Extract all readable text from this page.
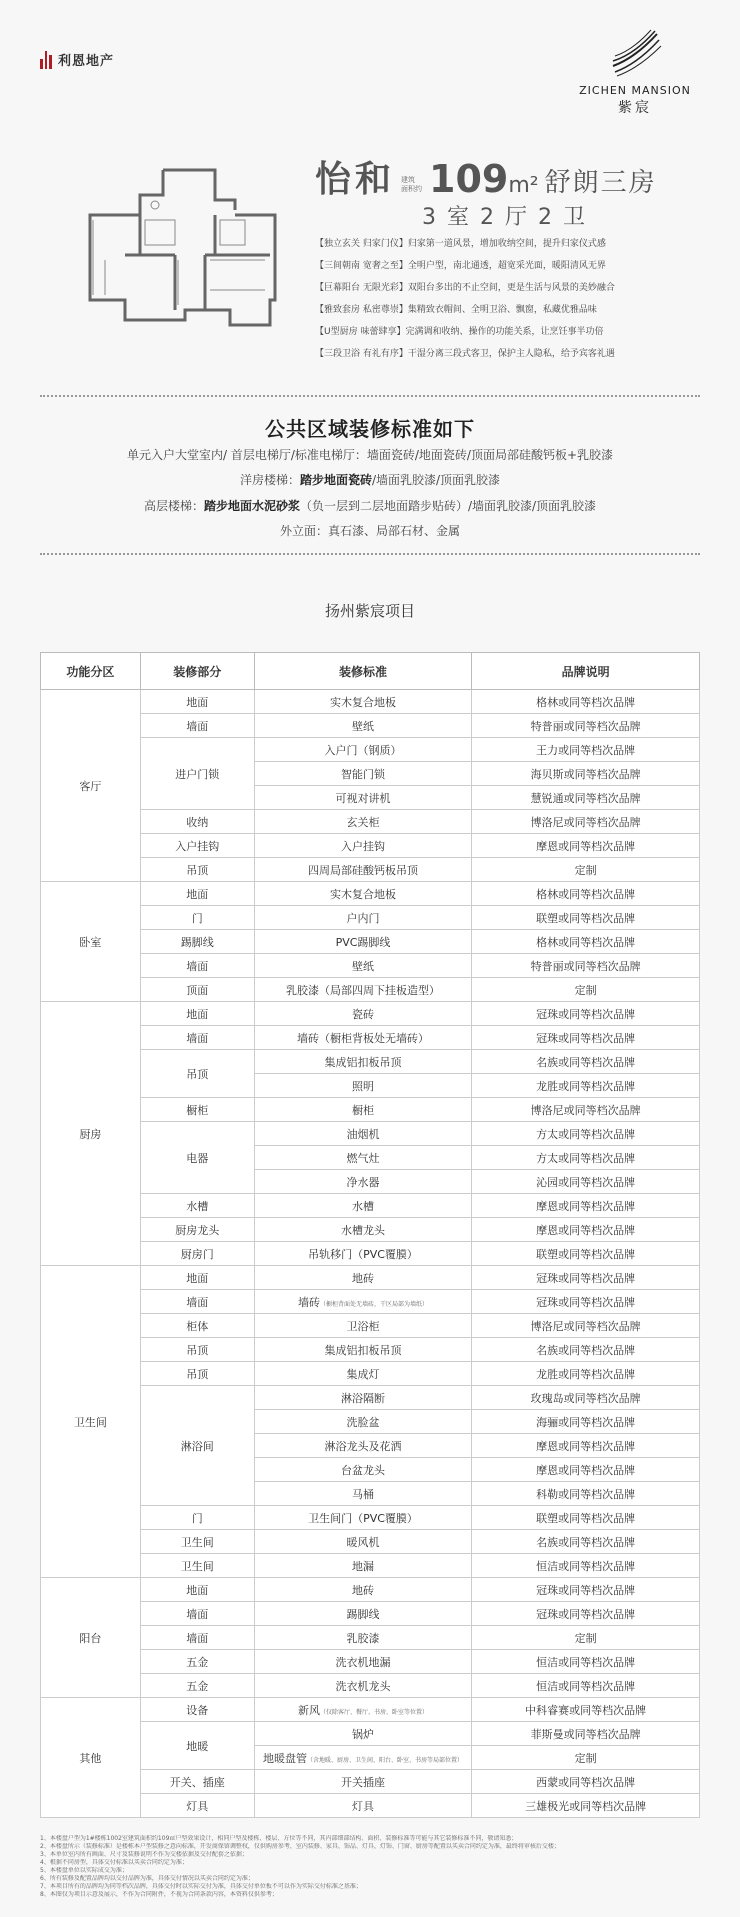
利恩地产
ZICHEN MANSION
紫宸
怡和 建筑
面积约 109 m² 舒朗三房
3室2厅2卫
【独立玄关 归家门仪】归家第一道风景，增加收纳空间，提升归家仪式感
【三间朝南 宽奢之至】全明户型，南北通透，超宽采光面，暖阳清风无界
【巨幕阳台 无限光彩】双阳台多出的不止空间，更是生活与风景的美妙融合
【雅致套房 私密尊崇】集精致衣帽间、全明卫浴、飘窗，私藏优雅品味
【U型厨房 味蕾肆享】完满调和收纳、操作的功能关系，让烹饪事半功倍
【三段卫浴 有礼有序】干湿分离三段式客卫，保护主人隐私，给予宾客礼遇
公共区域装修标准如下
单元入户大堂室内/ 首层电梯厅/标准电梯厅：墙面瓷砖/地面瓷砖/顶面局部硅酸钙板+乳胶漆
洋房楼梯：踏步地面瓷砖/墙面乳胶漆/顶面乳胶漆
高层楼梯：踏步地面水泥砂浆（负一层到二层地面踏步贴砖）/墙面乳胶漆/顶面乳胶漆
外立面：真石漆、局部石材、金属
扬州紫宸项目
功能分区	装修部分	装修标准	品牌说明
客厅	地面	实木复合地板	格林或同等档次品牌
	墙面	壁纸	特普丽或同等档次品牌
	进户门锁	入户门（钢质）	王力或同等档次品牌
		智能门锁	海贝斯或同等档次品牌
		可视对讲机	慧锐通或同等档次品牌
	收纳	玄关柜	博洛尼或同等档次品牌
	入户挂钩	入户挂钩	摩恩或同等档次品牌
	吊顶	四周局部硅酸钙板吊顶	定制
卧室	地面	实木复合地板	格林或同等档次品牌
	门	户内门	联塑或同等档次品牌
	踢脚线	PVC踢脚线	格林或同等档次品牌
	墙面	壁纸	特普丽或同等档次品牌
	顶面	乳胶漆（局部四周下挂板造型）	定制
厨房	地面	瓷砖	冠珠或同等档次品牌
	墙面	墙砖（橱柜背板处无墙砖）	冠珠或同等档次品牌
	吊顶	集成铝扣板吊顶	名族或同等档次品牌
		照明	龙胜或同等档次品牌
	橱柜	橱柜	博洛尼或同等档次品牌
	电器	油烟机	方太或同等档次品牌
		燃气灶	方太或同等档次品牌
		净水器	沁园或同等档次品牌
	水槽	水槽	摩恩或同等档次品牌
	厨房龙头	水槽龙头	摩恩或同等档次品牌
	厨房门	吊轨移门（PVC覆膜）	联塑或同等档次品牌
卫生间	地面	地砖	冠珠或同等档次品牌
	墙面	墙砖（橱柜背面处无墙砖，干区局部为墙纸）	冠珠或同等档次品牌
	柜体	卫浴柜	博洛尼或同等档次品牌
	吊顶	集成铝扣板吊顶	名族或同等档次品牌
	吊顶	集成灯	龙胜或同等档次品牌
	淋浴间	淋浴隔断	玫瑰岛或同等档次品牌
		洗脸盆	海骊或同等档次品牌
		淋浴龙头及花洒	摩恩或同等档次品牌
		台盆龙头	摩恩或同等档次品牌
		马桶	科勒或同等档次品牌
	门	卫生间门（PVC覆膜）	联塑或同等档次品牌
	卫生间	暖风机	名族或同等档次品牌
	卫生间	地漏	恒洁或同等档次品牌
阳台	地面	地砖	冠珠或同等档次品牌
	墙面	踢脚线	冠珠或同等档次品牌
	墙面	乳胶漆	定制
	五金	洗衣机地漏	恒洁或同等档次品牌
	五金	洗衣机龙头	恒洁或同等档次品牌
其他	设备	新风（仅除客厅、餐厅、书房、卧室等位置）	中科睿赛或同等档次品牌
	地暖	锅炉	菲斯曼或同等档次品牌
		地暖盘管（含地暖、厨房、卫生间、阳台、卧室、书房等局部位置）	定制
	开关、插座	开关插座	西蒙或同等档次品牌
	灯具	灯具	三雄极光或同等档次品牌
1、本楼盘户型为1#楼栋1002室建筑面积约109㎡户型效果设计，相同户型及楼栋、楼层、方位等不同，其内部细部结构、面积、装修标准等可能与其它装修标准不同，敬请知悉；
2、本楼盘所示（装修标准）是楼栋本户型装修之意向标准，开发商保留调整权，仅供购房参考，室内装修、家具、饰品、灯具、灯饰、门窗、厨房等配置以买卖合同约定为准，最终将审核后交楼；
3、本单位室内所有画面、尺寸及装修说明不作为交楼依据及交付配套之依据；
4、根据不同房型，具体交付标准以买卖合同约定为准；
5、本楼盘单位以实际成交为准；
6、所有装修及配置品牌均以交付品牌为准，具体交付情况以买卖合同约定为准；
7、本项目所有的品牌均为同等档次品牌，具体交付时以实际交付为准，具体交付单位板不可以作为实际交付标准之基准；
8、本图仅为项目示意及展示，不作为合同附件，不视为合同条款内容，本资料仅供参考；
